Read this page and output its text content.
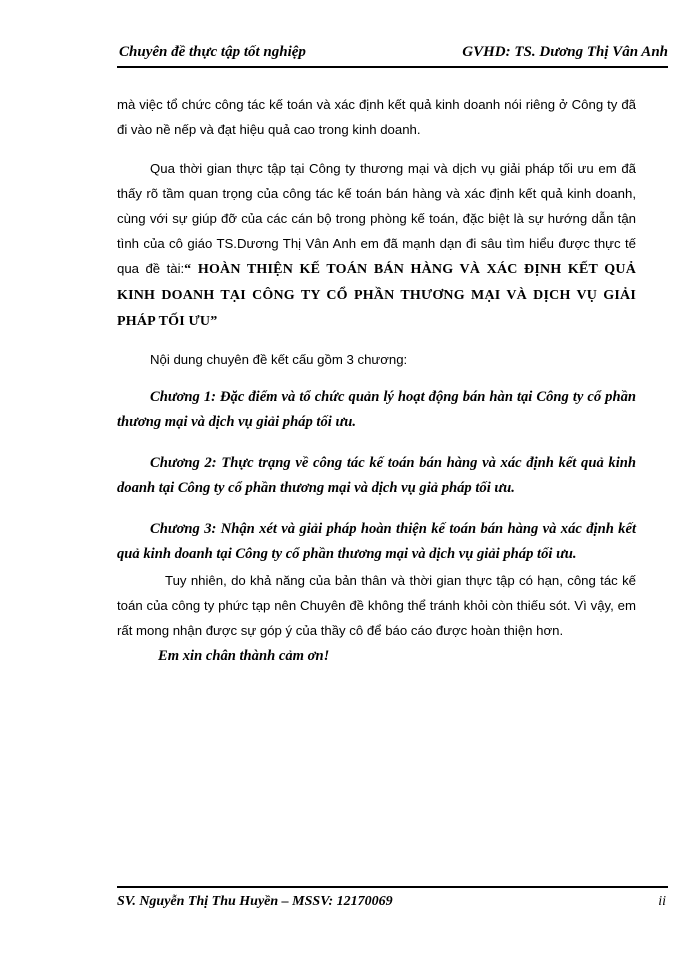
Chuyên đề thực tập tốt nghiệp	GVHD: TS. Dương Thị Vân Anh

mà việc tổ chức công tác kế toán và xác định kết quả kinh doanh nói riêng ở Công ty đã đi vào nề nếp và đạt hiệu quả cao trong kinh doanh.

Qua thời gian thực tập tại Công ty thương mại và dịch vụ giải pháp tối ưu em đã thấy rõ tầm quan trọng của công tác kế toán bán hàng và xác định kết quả kinh doanh, cùng với sự giúp đỡ của các cán bộ trong phòng kế toán, đặc biệt là sự hướng dẫn tận tình của cô giáo TS.Dương Thị Vân Anh em đã mạnh dạn đi sâu tìm hiểu được thực tế qua đề tài:“ HOÀN THIỆN KẾ TOÁN BÁN HÀNG VÀ XÁC ĐỊNH KẾT QUẢ KINH DOANH TẠI CÔNG TY CỔ PHẦN THƯƠNG MẠI VÀ DỊCH VỤ GIẢI PHÁP TỐI ƯU”

Nội dung chuyên đề kết cấu gồm 3 chương:

Chương 1: Đặc điểm và tổ chức quản lý hoạt động bán hàn tại Công ty cổ phần thương mại và dịch vụ giải pháp tối ưu.

Chương 2: Thực trạng về công tác kế toán bán hàng và xác định kết quả kinh doanh tại Công ty cổ phần thương mại và dịch vụ giả pháp tối ưu.

Chương 3: Nhận xét và giải pháp hoàn thiện kế toán bán hàng và xác định kết quả kinh doanh tại Công ty cổ phần thương mại và dịch vụ giải pháp tối ưu.

Tuy nhiên, do khả năng của bản thân và thời gian thực tập có hạn, công tác kế toán của công ty phức tạp nên Chuyên đề không thể tránh khỏi còn thiếu sót. Vì vậy, em rất mong nhận được sự góp ý của thầy cô để báo cáo được hoàn thiện hơn.

Em xin chân thành cảm ơn!

SV. Nguyễn Thị Thu Huyền – MSSV: 12170069	ii
